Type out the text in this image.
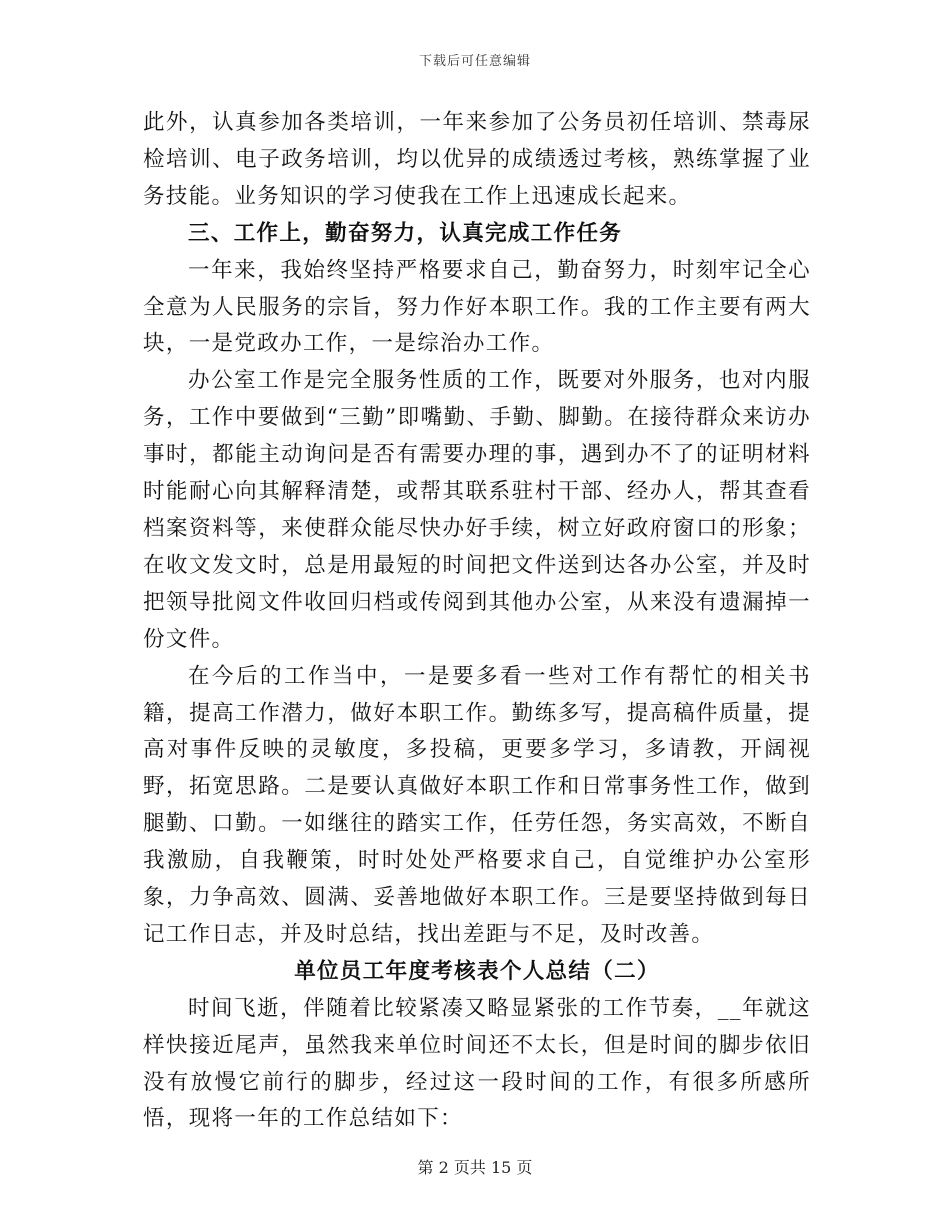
下载后可任意编辑

此外，认真参加各类培训，一年来参加了公务员初任培训、禁毒尿检培训、电子政务培训，均以优异的成绩透过考核，熟练掌握了业务技能。业务知识的学习使我在工作上迅速成长起来。

三、工作上，勤奋努力，认真完成工作任务

一年来，我始终坚持严格要求自己，勤奋努力，时刻牢记全心全意为人民服务的宗旨，努力作好本职工作。我的工作主要有两大块，一是党政办工作，一是综治办工作。

办公室工作是完全服务性质的工作，既要对外服务，也对内服务，工作中要做到“三勤”即嘴勤、手勤、脚勤。在接待群众来访办事时，都能主动询问是否有需要办理的事，遇到办不了的证明材料时能耐心向其解释清楚，或帮其联系驻村干部、经办人，帮其查看档案资料等，来使群众能尽快办好手续，树立好政府窗口的形象；在收文发文时，总是用最短的时间把文件送到达各办公室，并及时把领导批阅文件收回归档或传阅到其他办公室，从来没有遗漏掉一份文件。

在今后的工作当中，一是要多看一些对工作有帮忙的相关书籍，提高工作潜力，做好本职工作。勤练多写，提高稿件质量，提高对事件反映的灵敏度，多投稿，更要多学习，多请教，开阔视野，拓宽思路。二是要认真做好本职工作和日常事务性工作，做到腿勤、口勤。一如继往的踏实工作，任劳任怨，务实高效，不断自我激励，自我鞭策，时时处处严格要求自己，自觉维护办公室形象，力争高效、圆满、妥善地做好本职工作。三是要坚持做到每日记工作日志，并及时总结，找出差距与不足，及时改善。

单位员工年度考核表个人总结（二）

时间飞逝，伴随着比较紧凑又略显紧张的工作节奏，__年就这样快接近尾声，虽然我来单位时间还不太长，但是时间的脚步依旧没有放慢它前行的脚步，经过这一段时间的工作，有很多所感所悟，现将一年的工作总结如下：

第 2 页共 15 页
